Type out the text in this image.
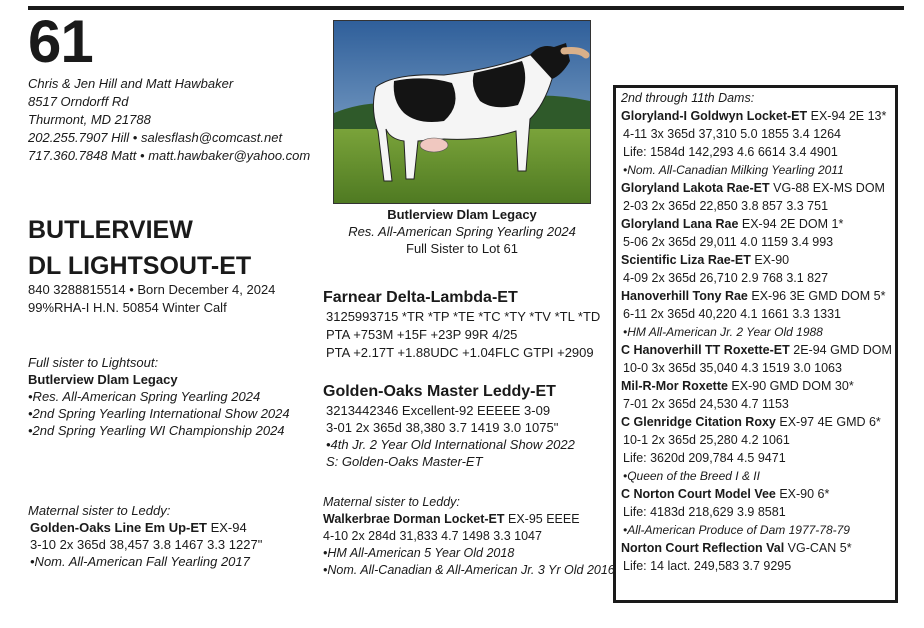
61
Chris & Jen Hill and Matt Hawbaker
8517 Orndorff Rd
Thurmont, MD 21788
202.255.7907 Hill • salesflash@comcast.net
717.360.7848 Matt • matt.hawbaker@yahoo.com
BUTLERVIEW
DL LIGHTSOUT-ET
840 3288815514 • Born December 4, 2024
99%RHA-I H.N. 50854 Winter Calf
Full sister to Lightsout:
Butlerview Dlam Legacy
•Res. All-American Spring Yearling 2024
•2nd Spring Yearling International Show 2024
•2nd Spring Yearling WI Championship 2024
Maternal sister to Leddy:
Golden-Oaks Line Em Up-ET EX-94
3-10 2x 365d 38,457 3.8 1467 3.3 1227"
•Nom. All-American Fall Yearling 2017
Butlerview Dlam Legacy
Res. All-American Spring Yearling 2024
Full Sister to Lot 61
Farnear Delta-Lambda-ET
3125993715 *TR *TP *TE *TC *TY *TV *TL *TD
PTA +753M +15F +23P 99R 4/25
PTA +2.17T +1.88UDC +1.04FLC GTPI +2909
Golden-Oaks Master Leddy-ET
3213442346 Excellent-92 EEEEE 3-09
3-01 2x 365d 38,380 3.7 1419 3.0 1075"
•4th Jr. 2 Year Old International Show 2022
S: Golden-Oaks Master-ET
Maternal sister to Leddy:
Walkerbrae Dorman Locket-ET EX-95 EEEE
4-10 2x 284d 31,833 4.7 1498 3.3 1047
•HM All-American 5 Year Old 2018
•Nom. All-Canadian & All-American Jr. 3 Yr Old 2016
2nd through 11th Dams:
Gloryland-I Goldwyn Locket-ET EX-94 2E 13*
4-11 3x 365d 37,310 5.0 1855 3.4 1264
Life: 1584d 142,293 4.6 6614 3.4 4901
•Nom. All-Canadian Milking Yearling 2011
Gloryland Lakota Rae-ET VG-88 EX-MS DOM
2-03 2x 365d 22,850 3.8 857 3.3 751
Gloryland Lana Rae EX-94 2E DOM 1*
5-06 2x 365d 29,011 4.0 1159 3.4 993
Scientific Liza Rae-ET EX-90
4-09 2x 365d 26,710 2.9 768 3.1 827
Hanoverhill Tony Rae EX-96 3E GMD DOM 5*
6-11 2x 365d 40,220 4.1 1661 3.3 1331
•HM All-American Jr. 2 Year Old 1988
C Hanoverhill TT Roxette-ET 2E-94 GMD DOM
10-0 3x 365d 35,040 4.3 1519 3.0 1063
Mil-R-Mor Roxette EX-90 GMD DOM 30*
7-01 2x 365d 24,530 4.7 1153
C Glenridge Citation Roxy EX-97 4E GMD 6*
10-1 2x 365d 25,280 4.2 1061
Life: 3620d 209,784 4.5 9471
•Queen of the Breed I & II
C Norton Court Model Vee EX-90 6*
Life: 4183d 218,629 3.9 8581
•All-American Produce of Dam 1977-78-79
Norton Court Reflection Val VG-CAN 5*
Life: 14 lact. 249,583 3.7 9295
